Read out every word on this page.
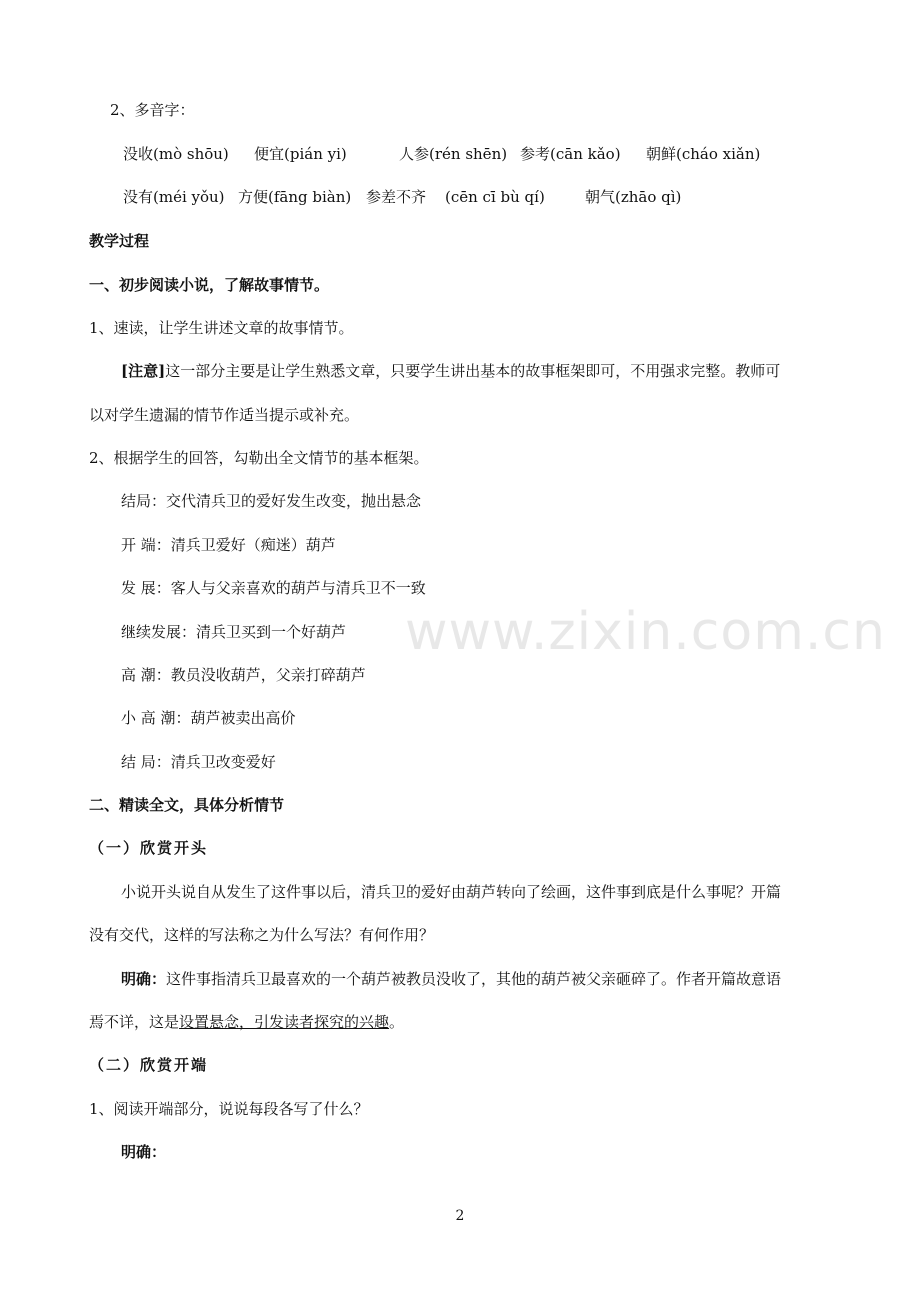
www.zixin.com.cn
2、多音字：
没收(mò shōu) 便宜(pián yi)	人参(rén shēn) 参考(cān kǎo) 朝鲜(cháo xiǎn)
没有(méi yǒu) 方便(fāng biàn) 参差不齐 (cēn cī bù qí)	朝气(zhāo qì)
教学过程
一、初步阅读小说，了解故事情节。
1、速读，让学生讲述文章的故事情节。
[注意]这一部分主要是让学生熟悉文章，只要学生讲出基本的故事框架即可，不用强求完整。教师可
以对学生遗漏的情节作适当提示或补充。
2、根据学生的回答，勾勒出全文情节的基本框架。
结局：交代清兵卫的爱好发生改变，抛出悬念
开 端：清兵卫爱好（痴迷）葫芦
发 展：客人与父亲喜欢的葫芦与清兵卫不一致
继续发展：清兵卫买到一个好葫芦
高 潮：教员没收葫芦，父亲打碎葫芦
小 高 潮：葫芦被卖出高价
结 局：清兵卫改变爱好
二、精读全文，具体分析情节
（一）欣赏开头
小说开头说自从发生了这件事以后，清兵卫的爱好由葫芦转向了绘画，这件事到底是什么事呢？开篇
没有交代，这样的写法称之为什么写法？有何作用？
明确：这件事指清兵卫最喜欢的一个葫芦被教员没收了，其他的葫芦被父亲砸碎了。作者开篇故意语
焉不详，这是设置悬念，引发读者探究的兴趣。
（二）欣赏开端
1、阅读开端部分，说说每段各写了什么？
明确：
2
